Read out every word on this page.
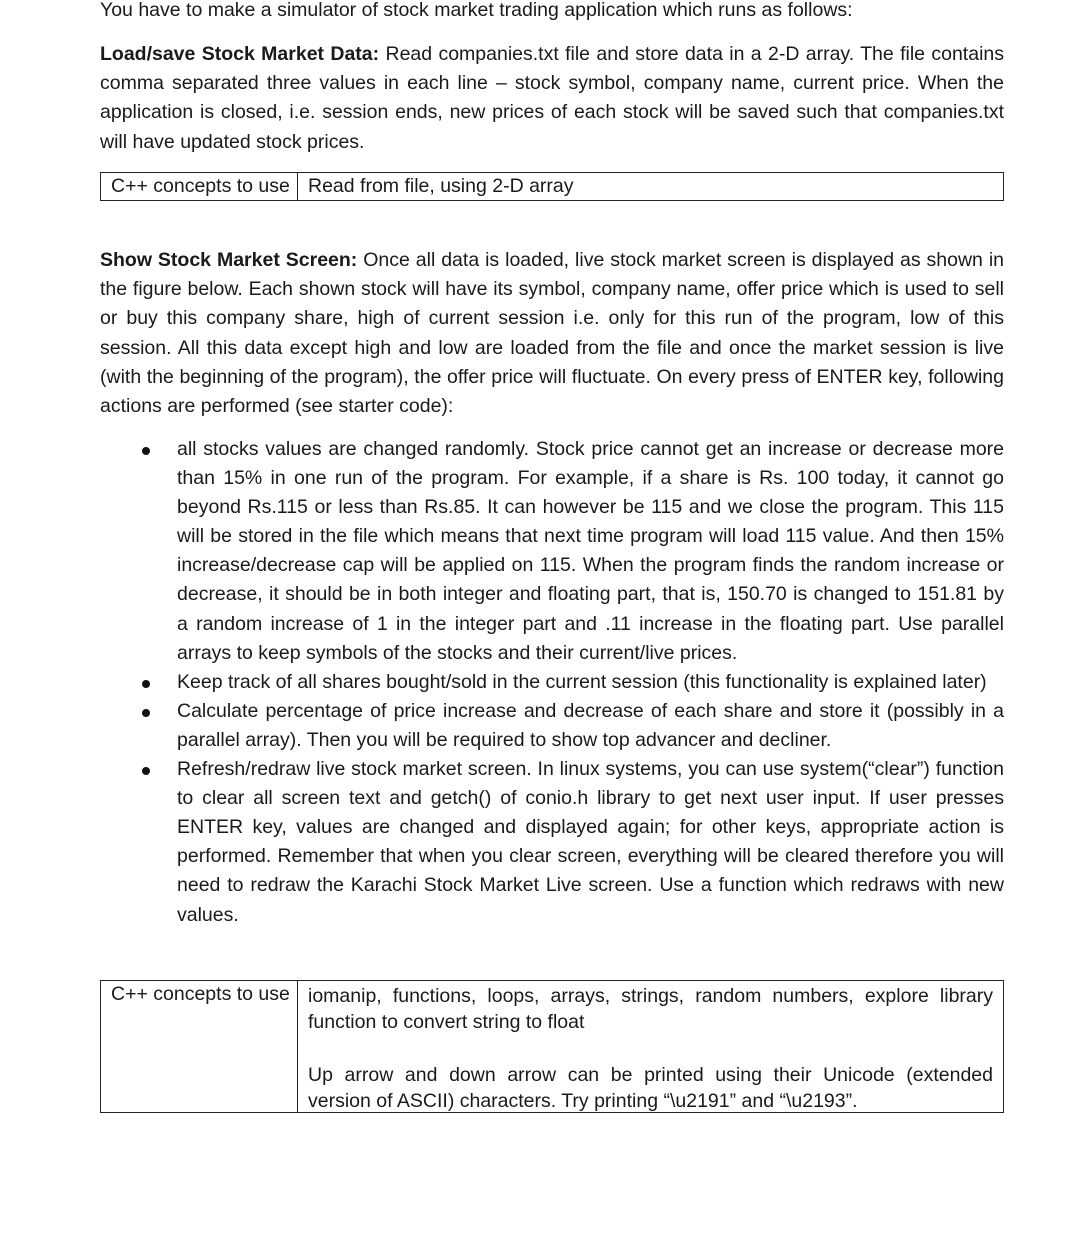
You have to make a simulator of stock market trading application which runs as follows:

Load/save Stock Market Data: Read companies.txt file and store data in a 2-D array. The file contains comma separated three values in each line – stock symbol, company name, current price. When the application is closed, i.e. session ends, new prices of each stock will be saved such that companies.txt will have updated stock prices.

C++ concepts to use Read from file, using 2-D array

Show Stock Market Screen: Once all data is loaded, live stock market screen is displayed as shown in the figure below. Each shown stock will have its symbol, company name, offer price which is used to sell or buy this company share, high of current session i.e. only for this run of the program, low of this session. All this data except high and low are loaded from the file and once the market session is live (with the beginning of the program), the offer price will fluctuate. On every press of ENTER key, following actions are performed (see starter code):

all stocks values are changed randomly. Stock price cannot get an increase or decrease more than 15% in one run of the program. For example, if a share is Rs. 100 today, it cannot go beyond Rs.115 or less than Rs.85. It can however be 115 and we close the program. This 115 will be stored in the file which means that next time program will load 115 value. And then 15% increase/decrease cap will be applied on 115. When the program finds the random increase or decrease, it should be in both integer and floating part, that is, 150.70 is changed to 151.81 by a random increase of 1 in the integer part and .11 increase in the floating part. Use parallel arrays to keep symbols of the stocks and their current/live prices.
Keep track of all shares bought/sold in the current session (this functionality is explained later)
Calculate percentage of price increase and decrease of each share and store it (possibly in a parallel array). Then you will be required to show top advancer and decliner.
Refresh/redraw live stock market screen. In linux systems, you can use system(“clear”) function to clear all screen text and getch() of conio.h library to get next user input. If user presses ENTER key, values are changed and displayed again; for other keys, appropriate action is performed. Remember that when you clear screen, everything will be cleared therefore you will need to redraw the Karachi Stock Market Live screen. Use a function which redraws with new values.
C++ concepts to use iomanip, functions, loops, arrays, strings, random numbers, explore library function to convert string to float
Up arrow and down arrow can be printed using their Unicode (extended version of ASCII) characters. Try printing “\u2191” and “\u2193”.
